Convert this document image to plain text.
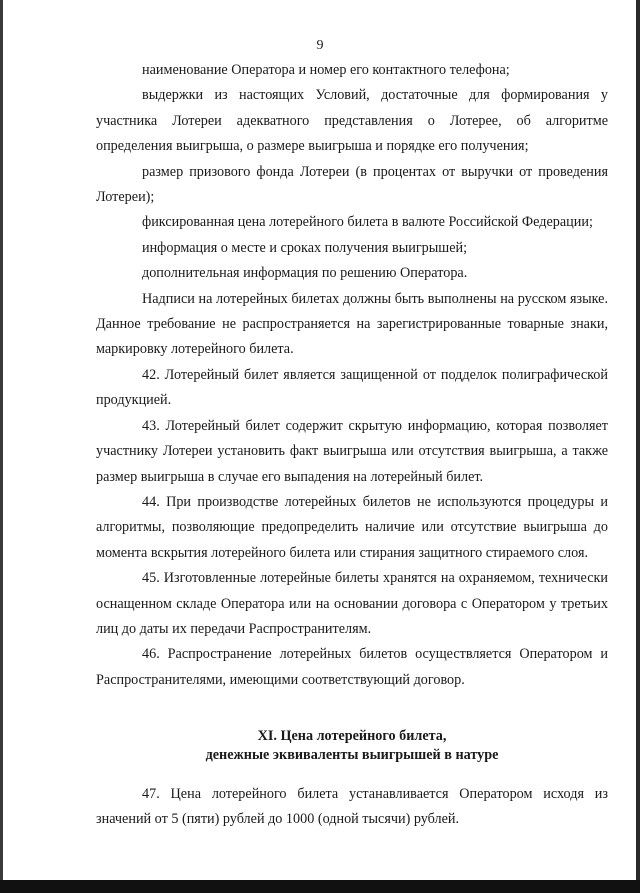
9

наименование Оператора и номер его контактного телефона;

выдержки из настоящих Условий, достаточные для формирования у участника Лотереи адекватного представления о Лотерее, об алгоритме определения выигрыша, о размере выигрыша и порядке его получения;

размер призового фонда Лотереи (в процентах от выручки от проведения Лотереи);

фиксированная цена лотерейного билета в валюте Российской Федерации;

информация о месте и сроках получения выигрышей;

дополнительная информация по решению Оператора.

Надписи на лотерейных билетах должны быть выполнены на русском языке. Данное требование не распространяется на зарегистрированные товарные знаки, маркировку лотерейного билета.

42. Лотерейный билет является защищенной от подделок полиграфической продукцией.

43. Лотерейный билет содержит скрытую информацию, которая позволяет участнику Лотереи установить факт выигрыша или отсутствия выигрыша, а также размер выигрыша в случае его выпадения на лотерейный билет.

44. При производстве лотерейных билетов не используются процедуры и алгоритмы, позволяющие предопределить наличие или отсутствие выигрыша до момента вскрытия лотерейного билета или стирания защитного стираемого слоя.

45. Изготовленные лотерейные билеты хранятся на охраняемом, технически оснащенном складе Оператора или на основании договора с Оператором у третьих лиц до даты их передачи Распространителям.

46. Распространение лотерейных билетов осуществляется Оператором и Распространителями, имеющими соответствующий договор.

XI. Цена лотерейного билета,
денежные эквиваленты выигрышей в натуре

47. Цена лотерейного билета устанавливается Оператором исходя из значений от 5 (пяти) рублей до 1000 (одной тысячи) рублей.
